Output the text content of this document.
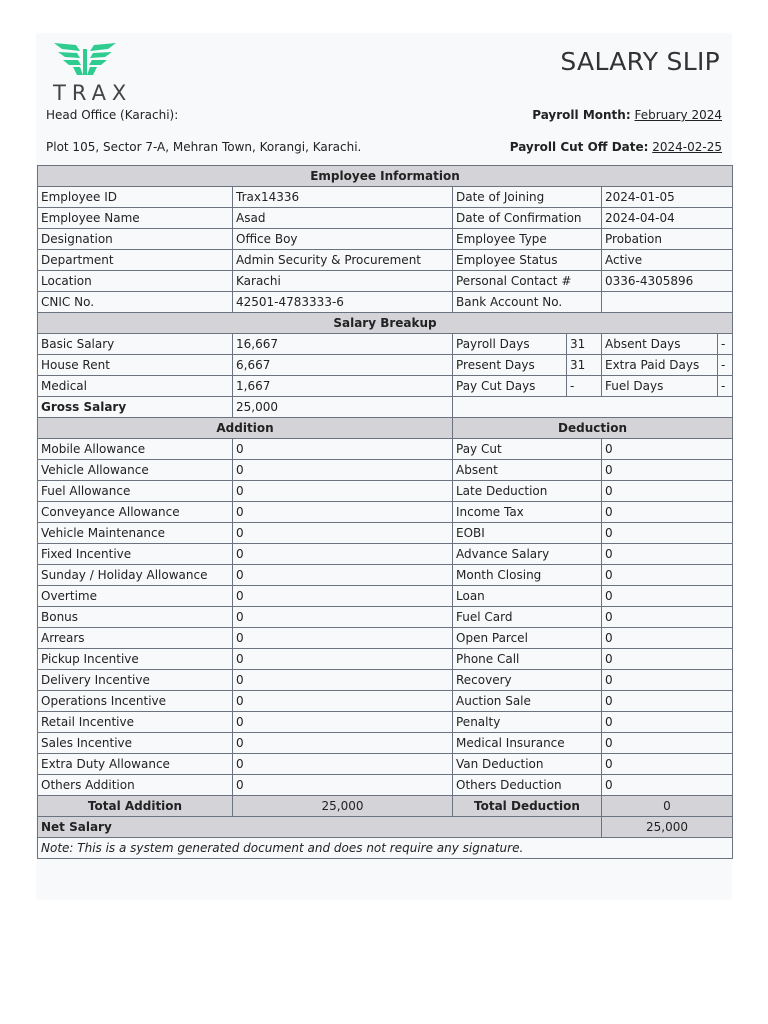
TRAX
SALARY SLIP
Head Office (Karachi):
Plot 105, Sector 7-A, Mehran Town, Korangi, Karachi.
Payroll Month: February 2024
Payroll Cut Off Date: 2024-02-25
Employee Information					
Employee ID	Trax14336	Date of Joining		2024-01-05	
Employee Name	Asad	Date of Confirmation		2024-04-04	
Designation	Office Boy	Employee Type		Probation	
Department	Admin Security & Procurement	Employee Status		Active	
Location	Karachi	Personal Contact #		0336-4305896	
CNIC No.	42501-4783333-6	Bank Account No.			
Salary Breakup					
Basic Salary	16,667	Payroll Days	31	Absent Days	-
House Rent	6,667	Present Days	31	Extra Paid Days	-
Medical	1,667	Pay Cut Days	-	Fuel Days	-
Gross Salary	25,000				
Addition		Deduction			
Mobile Allowance	0	Pay Cut		0	
Vehicle Allowance	0	Absent		0	
Fuel Allowance	0	Late Deduction		0	
Conveyance Allowance	0	Income Tax		0	
Vehicle Maintenance	0	EOBI		0	
Fixed Incentive	0	Advance Salary		0	
Sunday / Holiday Allowance	0	Month Closing		0	
Overtime	0	Loan		0	
Bonus	0	Fuel Card		0	
Arrears	0	Open Parcel		0	
Pickup Incentive	0	Phone Call		0	
Delivery Incentive	0	Recovery		0	
Operations Incentive	0	Auction Sale		0	
Retail Incentive	0	Penalty		0	
Sales Incentive	0	Medical Insurance		0	
Extra Duty Allowance	0	Van Deduction		0	
Others Addition	0	Others Deduction		0	
Total Addition	25,000	Total Deduction		0	
Net Salary				25,000	
Note: This is a system generated document and does not require any signature.					
